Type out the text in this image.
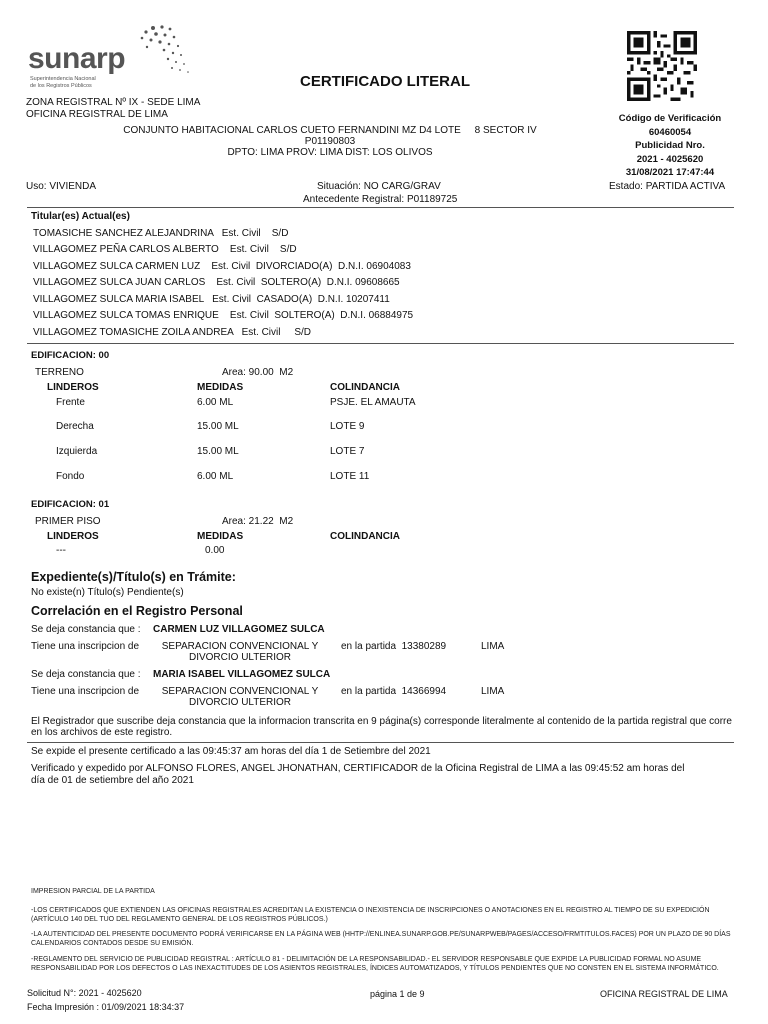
sunarp
Superintendencia Nacional
de los Registros Públicos	CERTIFICADO LITERAL
ZONA REGISTRAL Nº IX - SEDE LIMA
OFICINA REGISTRAL DE LIMA	Código de Verificación
60460054
Publicidad Nro.
2021 - 4025620
31/08/2021 17:47:44
CONJUNTO HABITACIONAL CARLOS CUETO FERNANDINI MZ D4 LOTE     8 SECTOR IV
P01190803
DPTO: LIMA PROV: LIMA DIST: LOS OLIVOS
Uso: VIVIENDA	Situación: NO CARG/GRAV	Estado: PARTIDA ACTIVA
Antecedente Registral: P01189725
Titular(es) Actual(es)
TOMASICHE SANCHEZ ALEJANDRINA   Est. Civil    S/D
VILLAGOMEZ PEÑA CARLOS ALBERTO    Est. Civil    S/D
VILLAGOMEZ SULCA CARMEN LUZ    Est. Civil  DIVORCIADO(A)  D.N.I. 06904083
VILLAGOMEZ SULCA JUAN CARLOS    Est. Civil  SOLTERO(A)  D.N.I. 09608665
VILLAGOMEZ SULCA MARIA ISABEL   Est. Civil  CASADO(A)  D.N.I. 10207411
VILLAGOMEZ SULCA TOMAS ENRIQUE    Est. Civil  SOLTERO(A)  D.N.I. 06884975
VILLAGOMEZ TOMASICHE ZOILA ANDREA   Est. Civil     S/D
EDIFICACION: 00
TERRENO	Area: 90.00  M2
LINDEROS	MEDIDAS	COLINDANCIA
Frente	6.00 ML	PSJE. EL AMAUTA
Derecha	15.00 ML	LOTE 9
Izquierda	15.00 ML	LOTE 7
Fondo	6.00 ML	LOTE 11
EDIFICACION: 01
PRIMER PISO	Area: 21.22  M2
LINDEROS	MEDIDAS	COLINDANCIA
---	0.00
Expediente(s)/Título(s) en Trámite:
No existe(n) Título(s) Pendiente(s)
Correlación en el Registro Personal
Se deja constancia que : CARMEN LUZ VILLAGOMEZ SULCA
Tiene una inscripcion de	SEPARACION CONVENCIONAL Y
DIVORCIO ULTERIOR
en la partida  13380289	LIMA
Se deja constancia que : MARIA ISABEL VILLAGOMEZ SULCA
Tiene una inscripcion de	SEPARACION CONVENCIONAL Y
DIVORCIO ULTERIOR
en la partida  14366994	LIMA
El Registrador que suscribe deja constancia que la informacion transcrita en 9 página(s) corresponde literalmente al contenido de la partida registral que corre en los archivos de este registro.
Se expide el presente certificado a las 09:45:37 am horas del día 1 de Setiembre del 2021
Verificado y expedido por ALFONSO FLORES, ANGEL JHONATHAN, CERTIFICADOR de la Oficina Registral de LIMA a las 09:45:52 am horas del día de 01 de setiembre del año 2021
IMPRESION PARCIAL DE LA PARTIDA
-LOS CERTIFICADOS QUE EXTIENDEN LAS OFICINAS REGISTRALES ACREDITAN LA EXISTENCIA O INEXISTENCIA DE INSCRIPCIONES O ANOTACIONES EN EL REGISTRO AL TIEMPO DE SU EXPEDICIÓN (ARTÍCULO 140 DEL TUO DEL REGLAMENTO GENERAL DE LOS REGISTROS PÚBLICOS.)
-LA AUTENTICIDAD DEL PRESENTE DOCUMENTO PODRÁ VERIFICARSE EN LA PÁGINA WEB (HHTP://ENLINEA.SUNARP.GOB.PE/SUNARPWEB/PAGES/ACCESO/FRMTITULOS.FACES) POR UN PLAZO DE 90 DÍAS CALENDARIOS CONTADOS DESDE SU EMISIÓN.
-REGLAMENTO DEL SERVICIO DE PUBLICIDAD REGISTRAL : ARTÍCULO 81 - DELIMITACIÓN DE LA RESPONSABILIDAD.- EL SERVIDOR RESPONSABLE QUE EXPIDE LA PUBLICIDAD FORMAL NO ASUME RESPONSABILIDAD POR LOS DEFECTOS O LAS INEXACTITUDES DE LOS ASIENTOS REGISTRALES, ÍNDICES AUTOMATIZADOS, Y TÍTULOS PENDIENTES QUE NO CONSTEN EN EL SISTEMA INFORMÁTICO.
Solicitud N°: 2021 - 4025620
Fecha Impresión : 01/09/2021 18:34:37
página 1 de 9	OFICINA REGISTRAL DE LIMA
